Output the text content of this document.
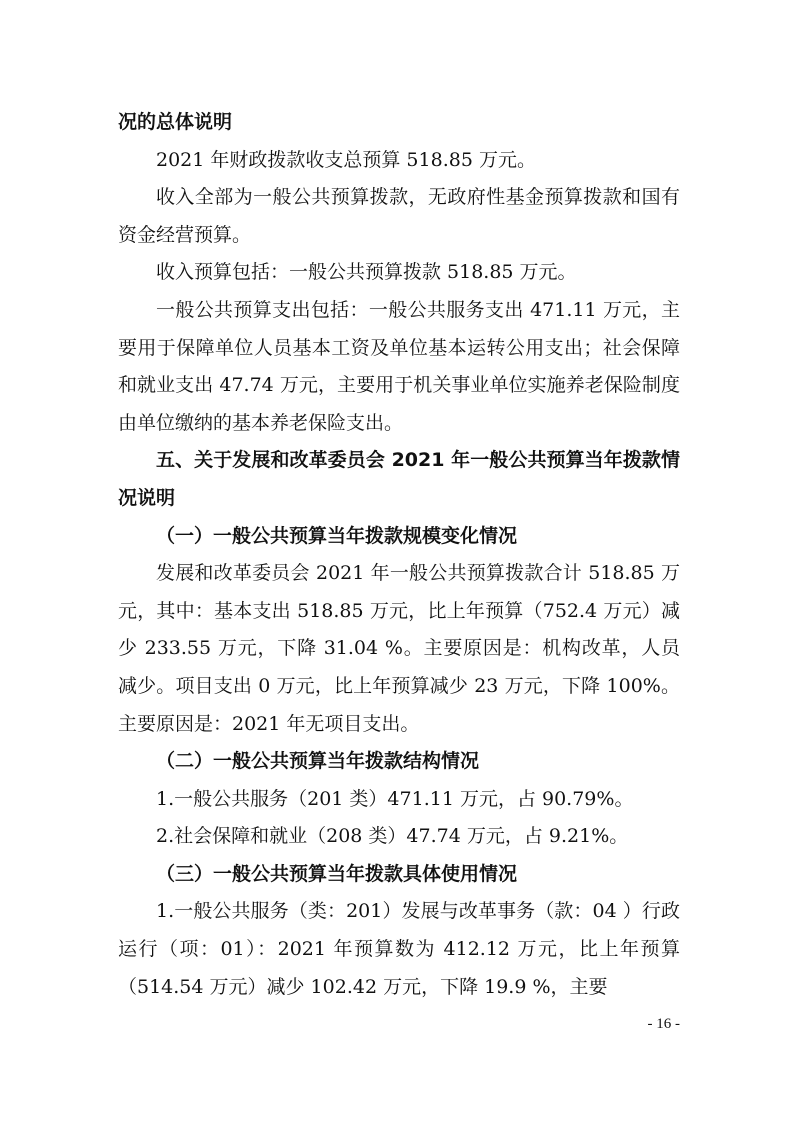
况的总体说明

2021 年财政拨款收支总预算 518.85 万元。

收入全部为一般公共预算拨款，无政府性基金预算拨款和国有资金经营预算。

收入预算包括：一般公共预算拨款 518.85 万元。

一般公共预算支出包括：一般公共服务支出 471.11 万元，主要用于保障单位人员基本工资及单位基本运转公用支出；社会保障和就业支出 47.74 万元，主要用于机关事业单位实施养老保险制度由单位缴纳的基本养老保险支出。

五、关于发展和改革委员会 2021 年一般公共预算当年拨款情况说明

（一）一般公共预算当年拨款规模变化情况

发展和改革委员会 2021 年一般公共预算拨款合计 518.85 万元，其中：基本支出 518.85 万元，比上年预算（752.4 万元）减少 233.55 万元，下降 31.04 %。主要原因是：机构改革，人员减少。项目支出 0 万元，比上年预算减少 23 万元，下降 100%。主要原因是：2021 年无项目支出。

（二）一般公共预算当年拨款结构情况

1.一般公共服务（201 类）471.11 万元，占 90.79%。

2.社会保障和就业（208 类）47.74 万元，占 9.21%。

（三）一般公共预算当年拨款具体使用情况

1.一般公共服务（类：201）发展与改革事务（款：04 ）行政运行（项：01）：2021 年预算数为 412.12 万元，比上年预算（514.54 万元）减少 102.42 万元，下降 19.9 %，主要

- 16 -
